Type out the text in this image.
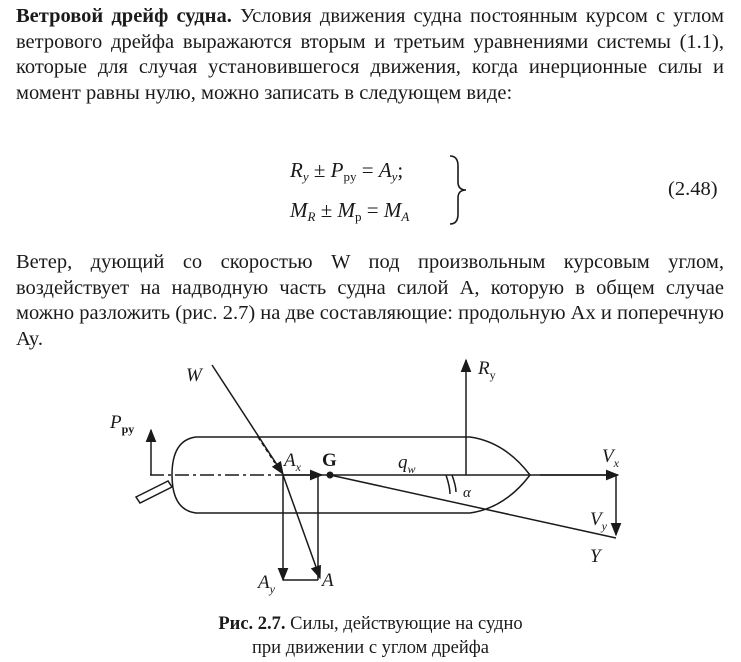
Ветровой дрейф судна. Условия движения судна постоянным курсом с углом ветрового дрейфа выражаются вторым и третьим уравнениями системы (1.1), которые для случая установившегося движения, когда инерционные силы и момент равны нулю, можно записать в следующем виде:
$R_y \pm P_{py} = A_y$;
$M_R \pm M_p = M_A$
(2.48)
Ветер, дующий со скоростью W под произвольным курсовым углом, воздействует на надводную часть судна силой A, которую в общем случае можно разложить (рис. 2.7) на две составляющие: продольную Ax и поперечную Ay.
W
$P_{py}$
$A_x$ G	$q_w$
$R_y$
α
$V_x$
$V_y$
Y
$A_y$ A
Рис. 2.7. Силы, действующие на судно
при движении с углом дрейфа
